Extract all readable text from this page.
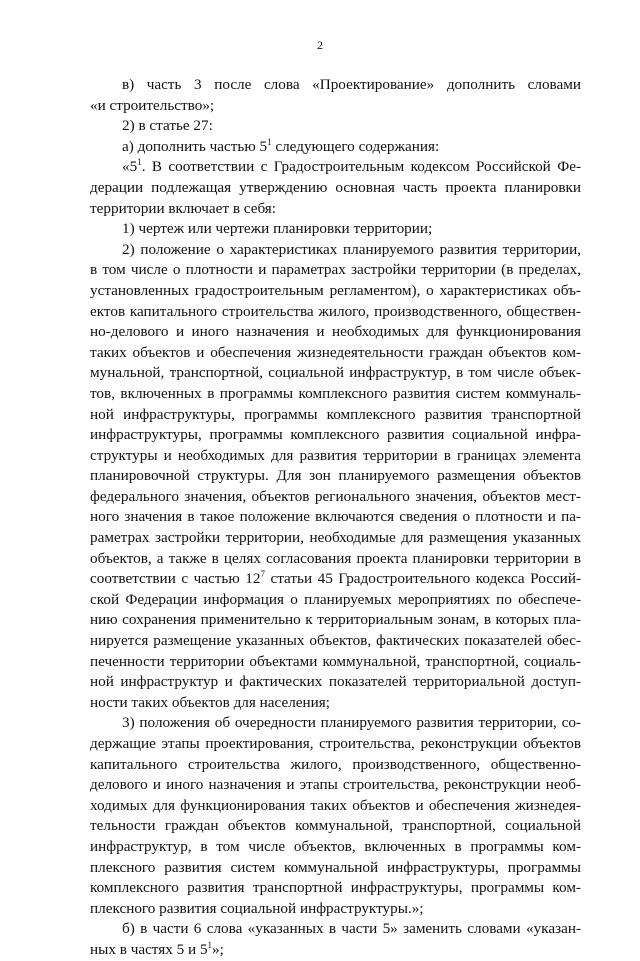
2
в) часть 3 после слова «Проектирование» дополнить словами
«и строительство»;
2) в статье 27:
а) дополнить частью $5^1$ следующего содержания:
«$5^1$. В соответствии с Градостроительным кодексом Российской Фе-
дерации подлежащая утверждению основная часть проекта планировки
территории включает в себя:
1) чертеж или чертежи планировки территории;
2) положение о характеристиках планируемого развития территории,
в том числе о плотности и параметрах застройки территории (в пределах,
установленных градостроительным регламентом), о характеристиках объ-
ектов капитального строительства жилого, производственного, обществен-
но-делового и иного назначения и необходимых для функционирования
таких объектов и обеспечения жизнедеятельности граждан объектов ком-
мунальной, транспортной, социальной инфраструктур, в том числе объек-
тов, включенных в программы комплексного развития систем коммуналь-
ной инфраструктуры, программы комплексного развития транспортной
инфраструктуры, программы комплексного развития социальной инфра-
структуры и необходимых для развития территории в границах элемента
планировочной структуры. Для зон планируемого размещения объектов
федерального значения, объектов регионального значения, объектов мест-
ного значения в такое положение включаются сведения о плотности и па-
раметрах застройки территории, необходимые для размещения указанных
объектов, а также в целях согласования проекта планировки территории в
соответствии с частью $12^7$ статьи 45 Градостроительного кодекса Россий-
ской Федерации информация о планируемых мероприятиях по обеспече-
нию сохранения применительно к территориальным зонам, в которых пла-
нируется размещение указанных объектов, фактических показателей обес-
печенности территории объектами коммунальной, транспортной, социаль-
ной инфраструктур и фактических показателей территориальной доступ-
ности таких объектов для населения;
3) положения об очередности планируемого развития территории, со-
держащие этапы проектирования, строительства, реконструкции объектов
капитального строительства жилого, производственного, общественно-
делового и иного назначения и этапы строительства, реконструкции необ-
ходимых для функционирования таких объектов и обеспечения жизнедея-
тельности граждан объектов коммунальной, транспортной, социальной
инфраструктур, в том числе объектов, включенных в программы ком-
плексного развития систем коммунальной инфраструктуры, программы
комплексного развития транспортной инфраструктуры, программы ком-
плексного развития социальной инфраструктуры.»;
б) в части 6 слова «указанных в части 5» заменить словами «указан-
ных в частях 5 и $5^1$»;
